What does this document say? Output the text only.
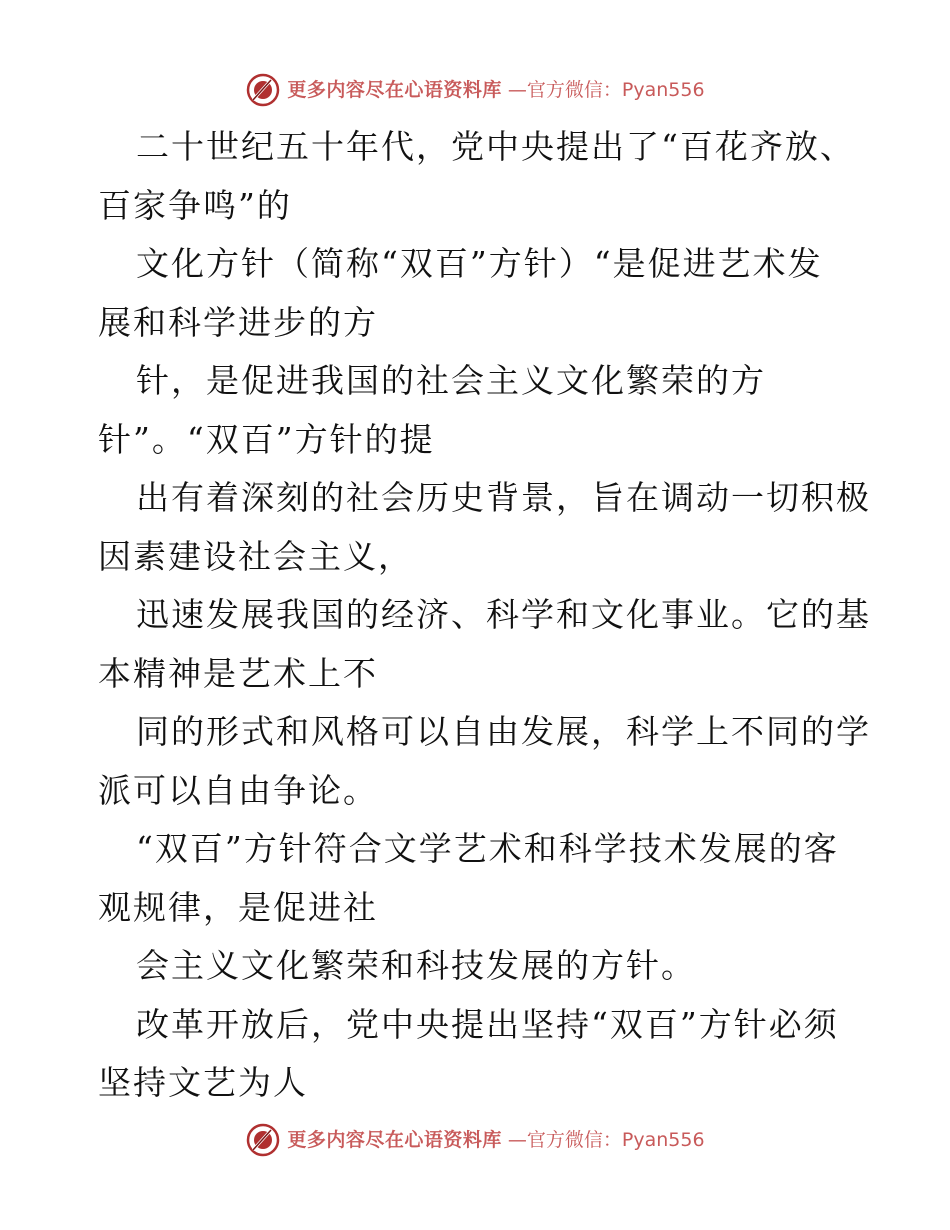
更多内容尽在心语资料库 —官方微信：Pyan556
二十世纪五十年代，党中央提出了“百花齐放、
百家争鸣”的
文化方针（简称“双百”方针）“是促进艺术发
展和科学进步的方
针，是促进我国的社会主义文化繁荣的方
针”。“双百”方针的提
出有着深刻的社会历史背景，旨在调动一切积极
因素建设社会主义，
迅速发展我国的经济、科学和文化事业。它的基
本精神是艺术上不
同的形式和风格可以自由发展，科学上不同的学
派可以自由争论。
“双百”方针符合文学艺术和科学技术发展的客
观规律，是促进社
会主义文化繁荣和科技发展的方针。
改革开放后，党中央提出坚持“双百”方针必须
坚持文艺为人
更多内容尽在心语资料库 —官方微信：Pyan556
